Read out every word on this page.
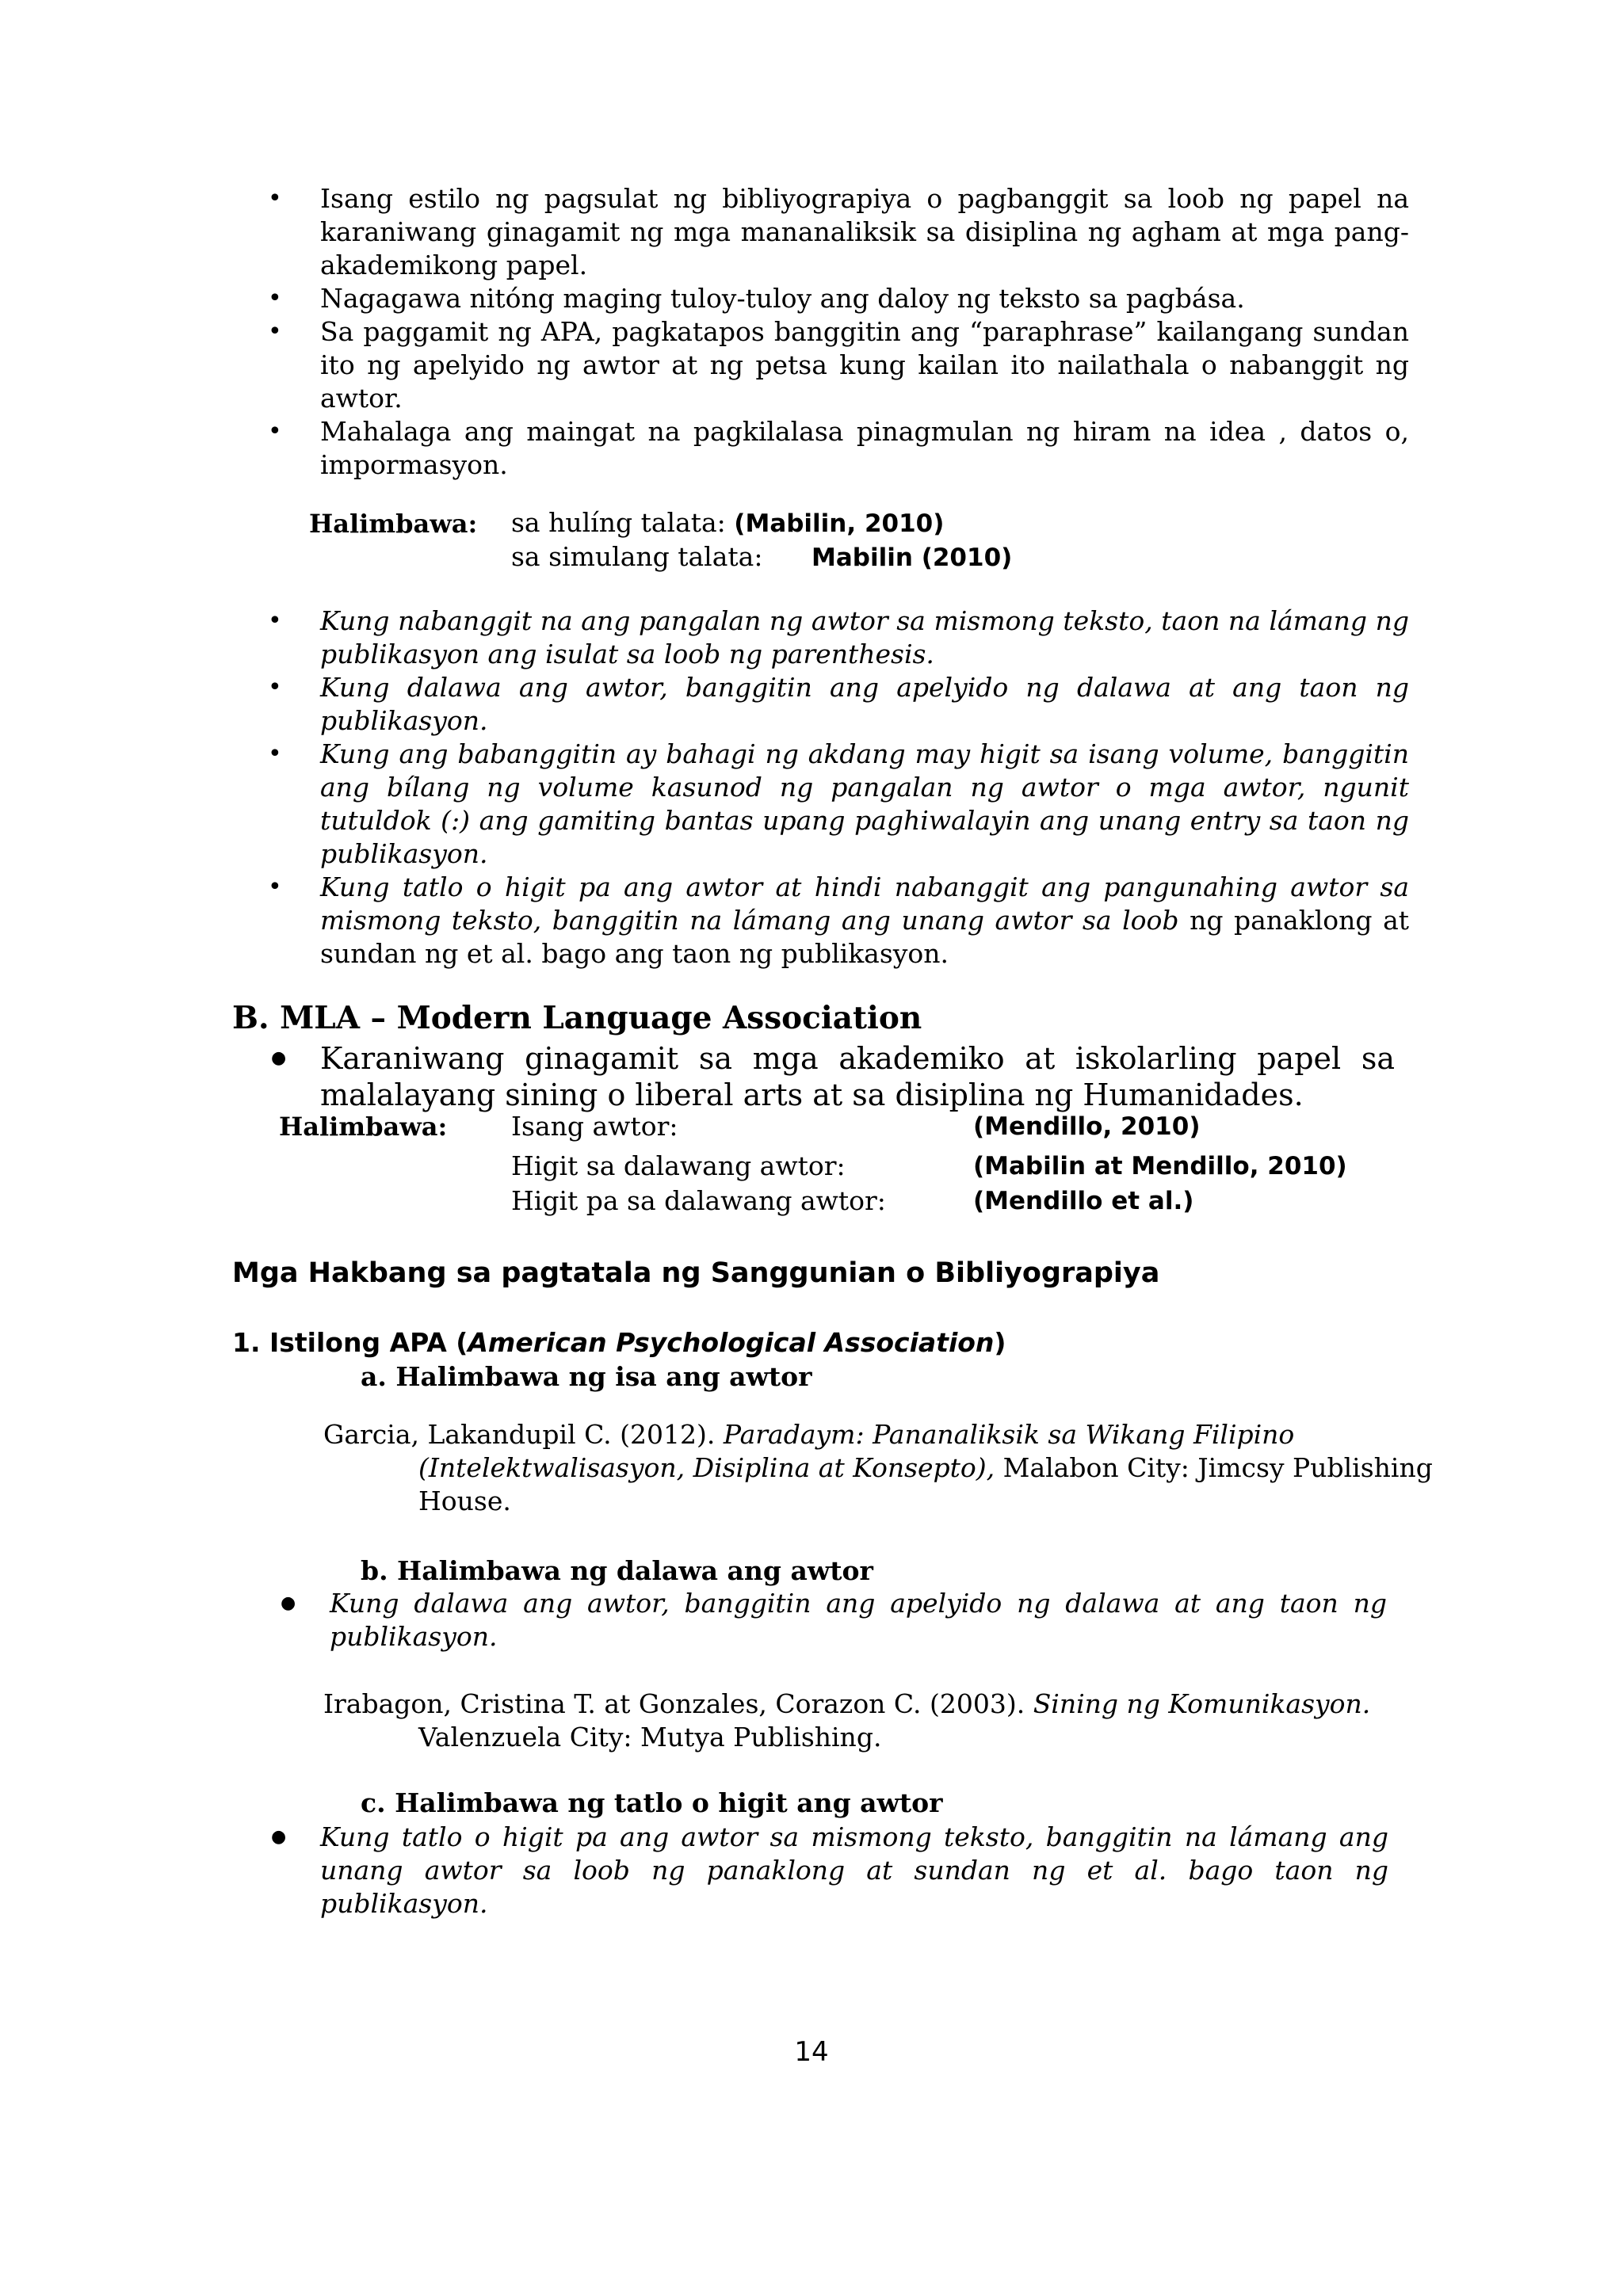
• Isang estilo ng pagsulat ng bibliyograpiya o pagbanggit sa loob ng papel na karaniwang ginagamit ng mga mananaliksik sa disiplina ng agham at mga pang-akademikong papel.
• Nagagawa nitóng maging tuloy-tuloy ang daloy ng teksto sa pagbása.
• Sa paggamit ng APA, pagkatapos banggitin ang “paraphrase” kailangang sundan ito ng apelyido ng awtor at ng petsa kung kailan ito nailathala o nabanggit ng awtor.
• Mahalaga ang maingat na pagkilalasa pinagmulan ng hiram na idea , datos o, impormasyon.
Halimbawa: sa hulíng talata: (Mabilin, 2010)
sa simulang talata: Mabilin (2010)
• Kung nabanggit na ang pangalan ng awtor sa mismong teksto, taon na lámang ng publikasyon ang isulat sa loob ng parenthesis.
• Kung dalawa ang awtor, banggitin ang apelyido ng dalawa at ang taon ng publikasyon.
• Kung ang babanggitin ay bahagi ng akdang may higit sa isang volume, banggitin ang bílang ng volume kasunod ng pangalan ng awtor o mga awtor, ngunit tutuldok (:) ang gamiting bantas upang paghiwalayin ang unang entry sa taon ng publikasyon.
• Kung tatlo o higit pa ang awtor at hindi nabanggit ang pangunahing awtor sa mismong teksto, banggitin na lámang ang unang awtor sa loob ng panaklong at sundan ng et al. bago ang taon ng publikasyon.
B. MLA – Modern Language Association
● Karaniwang ginagamit sa mga akademiko at iskolarling papel sa malalayang sining o liberal arts at sa disiplina ng Humanidades.
Halimbawa: Isang awtor:	(Mendillo, 2010)
Higit sa dalawang awtor:	(Mabilin at Mendillo, 2010)
Higit pa sa dalawang awtor:	(Mendillo et al.)
Mga Hakbang sa pagtatala ng Sanggunian o Bibliyograpiya
1. Istilong APA (American Psychological Association)
a. Halimbawa ng isa ang awtor
Garcia, Lakandupil C. (2012). Paradaym: Pananaliksik sa Wikang Filipino (Intelektwalisasyon, Disiplina at Konsepto), Malabon City: Jimcsy Publishing House.
b. Halimbawa ng dalawa ang awtor
● Kung dalawa ang awtor, banggitin ang apelyido ng dalawa at ang taon ng publikasyon.
Irabagon, Cristina T. at Gonzales, Corazon C. (2003). Sining ng Komunikasyon. Valenzuela City: Mutya Publishing.
c. Halimbawa ng tatlo o higit ang awtor
● Kung tatlo o higit pa ang awtor sa mismong teksto, banggitin na lámang ang unang awtor sa loob ng panaklong at sundan ng et al. bago taon ng publikasyon.
14
